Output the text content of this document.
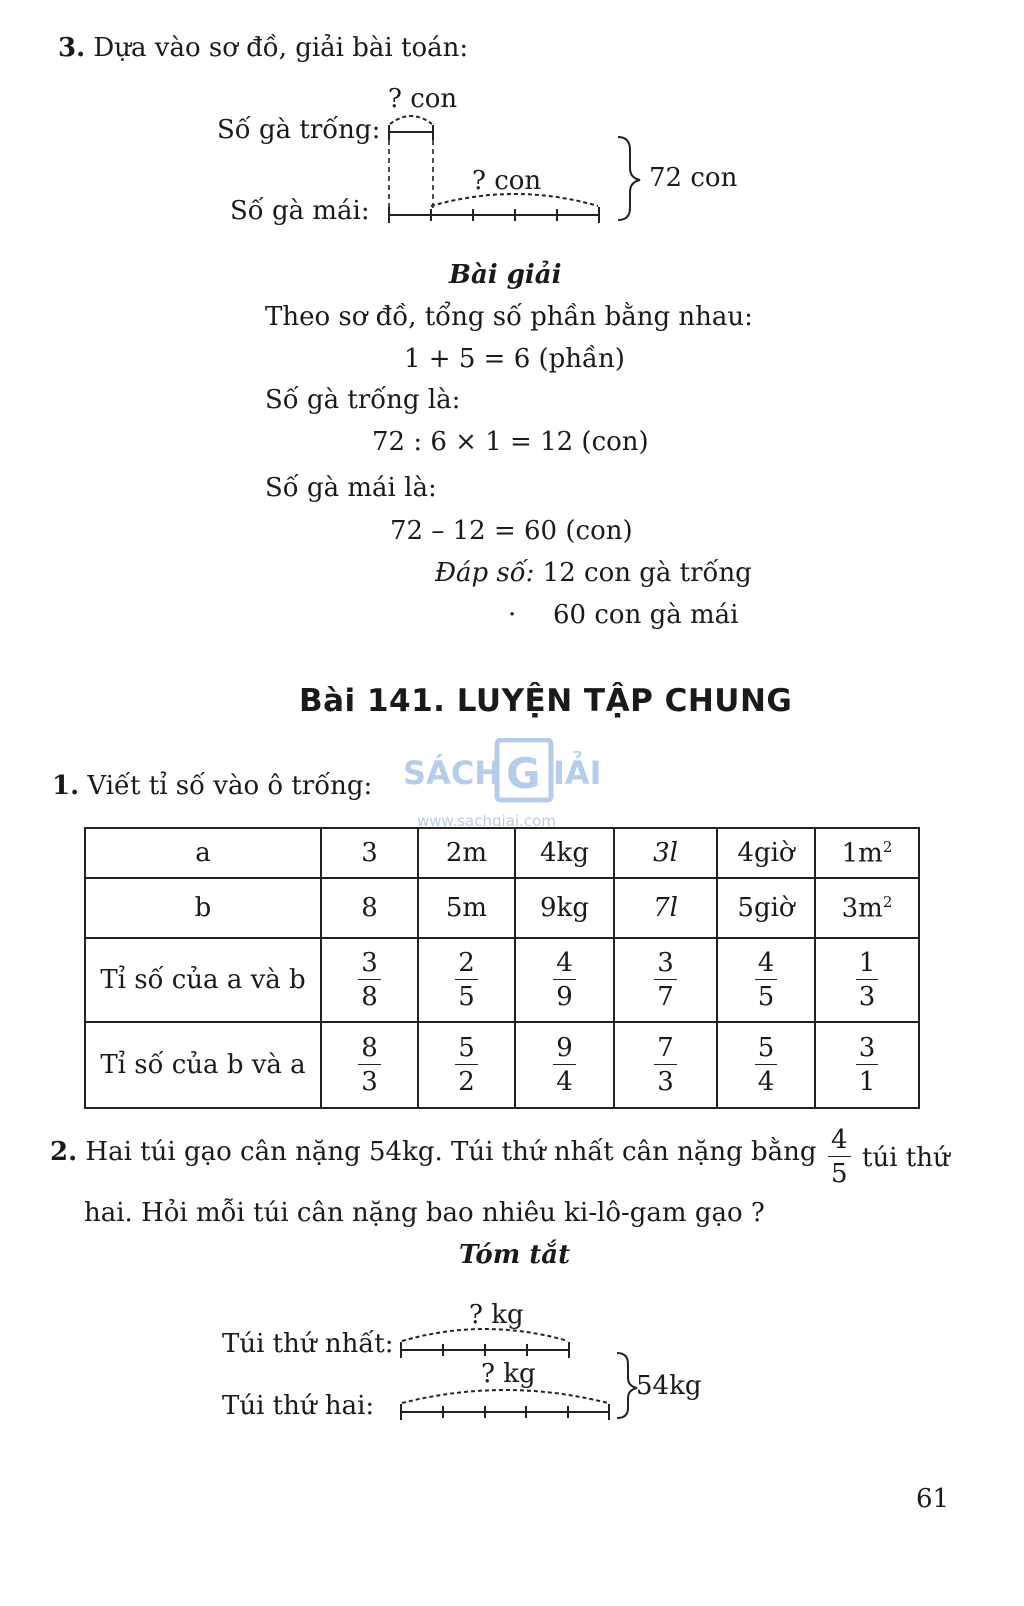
3. Dựa vào sơ đồ, giải bài toán:
? con
Số gà trống:
? con	72 con
Số gà mái:
Bài giải
Theo sơ đồ, tổng số phần bằng nhau:
1 + 5 = 6 (phần)
Số gà trống là:
72 : 6 × 1 = 12 (con)
Số gà mái là:
72 – 12 = 60 (con)
Đáp số: 12 con gà trống
· 60 con gà mái
Bài 141. LUYỆN TẬP CHUNG
SÁCH G IẢI
www.sachgiai.com
1. Viết tỉ số vào ô trống:
a	3	2m	4kg	3l	4giờ	$1m^2$
b	8	5m	9kg	7l	5giờ	$3m^2$
Tỉ số của a và b	$\frac{3}{8}$	$\frac{2}{5}$	$\frac{4}{9}$	$\frac{3}{7}$	$\frac{4}{5}$	$\frac{1}{3}$

Tỉ số của b và a	$\frac{8}{3}$	$\frac{5}{2}$	$\frac{9}{4}$	$\frac{7}{3}$	$\frac{5}{4}$	$\frac{3}{1}$
2. Hai túi gạo cân nặng 54kg. Túi thứ nhất cân nặng bằng $\frac{4}{5}$ túi thứ
hai. Hỏi mỗi túi cân nặng bao nhiêu ki-lô-gam gạo ?
Tóm tắt
? kg
Túi thứ nhất:
? kg	54kg
Túi thứ hai:
61
